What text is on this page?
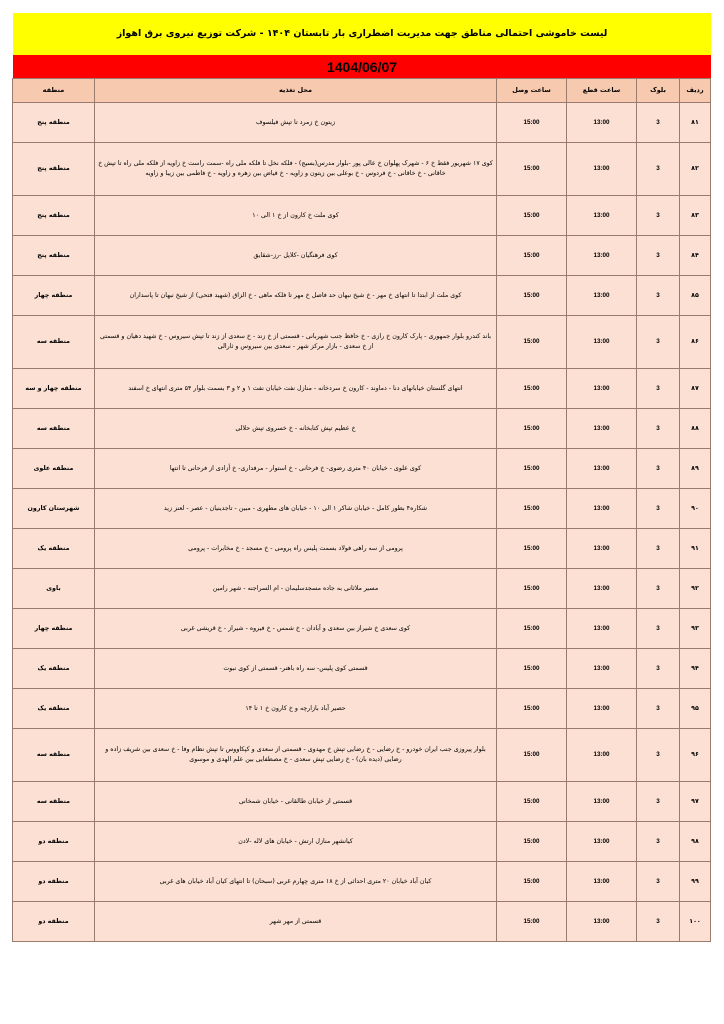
لیست خاموشی احتمالی مناطق جهت مدیریت اضطراری بار تابستان ۱۴۰۴ - شرکت توزیع نیروی برق اهواز
1404/06/07
ردیف	بلوک	ساعت قطع	ساعت وصل	محل تغذیه	منطقه
۸۱	3	13:00	15:00	زیتون خ زمرد تا تپش فیلسوف	منطقه پنج
۸۲	3	13:00	15:00	کوی ۱۷ شهریور فقط خ ۶ - شهرک پهلوان خ عالی پور -بلوار مدرس(بسیج) - فلکه نخل تا فلکه ملی راه -سمت راست خ زاویه از فلکه ملی راه تا تپش خ خاقانی - خ خاقانی - خ فردوس - خ بوعلی بین زیتون و زاویه - خ فیاض بین زهره و زاویه - خ فاطمی بین زیبا و زاویه	منطقه پنج
۸۳	3	13:00	15:00	کوی ملت خ کارون از خ ۱ الی ۱۰	منطقه پنج
۸۴	3	13:00	15:00	کوی فرهنگیان -کلایل -رز-شقایق	منطقه پنج
۸۵	3	13:00	15:00	کوی ملت از ابتدا تا انتهای خ مهر - خ شیخ نبهان حد فاصل خ مهر تا فلکه ماهی - خ الزاق (شهید فتحی) از شیخ نبهان تا پاسداران	منطقه چهار
۸۶	3	13:00	15:00	باند کندرو بلوار جمهوری - پارک کارون خ رازی - خ حافظ جنب شهربانی - قسمتی از خ زند - خ سعدی از زند تا تپش سیروس - خ شهید دهیان و قسمتی از خ سعدی - بازار مرکز شهر - سعدی بین سیروس و ثارالی	منطقه سه
۸۷	3	13:00	15:00	انتهای گلستان خیابانهای دنا - دماوند - کارون خ سردخانه - منازل نفت خیابان نفت ۱ و ۲ و ۳ بسمت بلوار ۵۴ متری انتهای خ اسفند	منطقه چهار و سه
۸۸	3	13:00	15:00	خ عظیم تپش کتابخانه - خ خسروی تپش حلالی	منطقه سه
۸۹	3	13:00	15:00	کوی علوی - خیابان ۴۰ متری رضوی- خ فرحانی - خ استوار - مرفداری- خ أزادی از فرحانی تا انتها	منطقه علوی
۹۰	3	13:00	15:00	شکاره۴ بطور کامل - خیابان شاکر ۱ الی ۱۰ - خیابان های مطهری - مبین - تاجدینیان - عصر - لعنز زید	شهرستان کارون
۹۱	3	13:00	15:00	پرومی از سه راهی فولاد بسمت پلیس راه پرومی - خ مسجد - خ مخابرات - پرومی	منطقه یک
۹۲	3	13:00	15:00	مسیر ملاثانی به جاده مسجدسلیمان - ام السراجنه - شهر رامین	باوی
۹۳	3	13:00	15:00	کوی سعدی خ شیراز بین سعدی و آبادان - خ شمس - خ فیروه - شیراز - خ قریشی غربی	منطقه چهار
۹۴	3	13:00	15:00	قسمتی کوی پلیس- سه راه باهنر- قسمتی از کوی نبوت	منطقه یک
۹۵	3	13:00	15:00	حصیر آباد بازارچه و خ کارون خ ۱ تا ۱۴	منطقه یک
۹۶	3	13:00	15:00	بلوار پیروزی جنب ایران خودرو - خ رضایی - خ رضایی تپش خ مهدوی - قسمتی از سعدی و کپکاووس تا تپش نظام وفا - خ سعدی بین شریف زاده و رضایی (دیده بان) - خ رضایی تپش سعدی - خ مصطفایی بین علم الهدی و موسوی	منطقه سه
۹۷	3	13:00	15:00	قسمتی از خیابان طالقانی - خیابان شمخانی	منطقه سه
۹۸	3	13:00	15:00	کیانشهر منازل ارتش - خیابان های لاله -لادن	منطقه دو
۹۹	3	13:00	15:00	کیان آباد خیابان ۲۰ متری احداثی از خ ۱۸ متری چهارم غربی (سبحان) تا انتهای کیان آباد خیابان های غربی	منطقه دو
۱۰۰	3	13:00	15:00	قسمتی از مهر شهر	منطقه دو
